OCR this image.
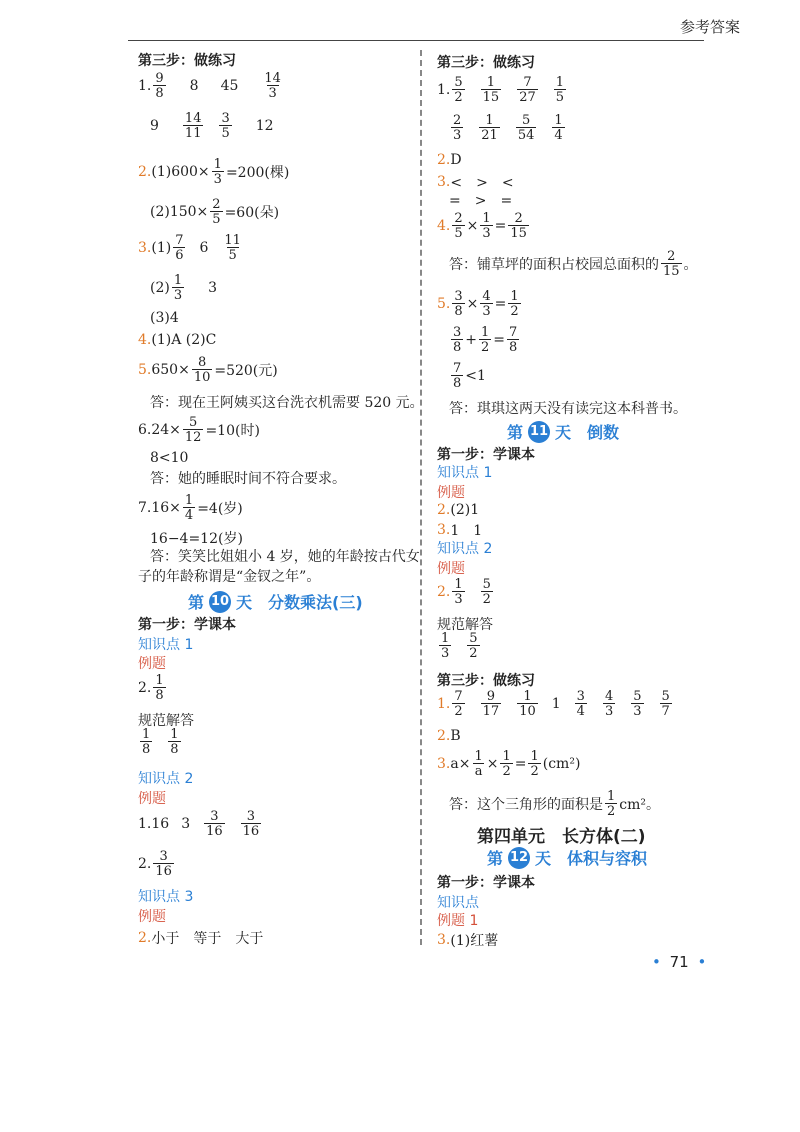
参考答案
第三步：做练习
1. $\frac{9}{8} 8$ $45 \frac{14}{3}$
$9 \frac{14}{11} \frac{3}{5} 12$
2. $(1)600\times \frac{1}{3} =200$(棵)
$(2)150\times \frac{2}{5} =60$(朵)
3. $(1) \frac{7}{6} 6 \frac{11}{5}$
$(2) \frac{1}{3} 3$
(3)4
4. (1)A (2)C
5. $650\times \frac{8}{10} =520$(元)
答：现在王阿姨买这台洗衣机需要 520 元。
6. $24\times \frac{5}{12} =10$(时)
8<10
答：她的睡眠时间不符合要求。
7. $16\times \frac{1}{4} =4$(岁)
16−4=12(岁)
答：笑笑比姐姐小 4 岁，她的年龄按古代女
子的年龄称谓是“金钗之年”。
第 10 天 分数乘法(三)
第一步：学课本
知识点 1
例题
2. $\frac{1}{8}$
规范解答
$\frac{1}{8} \frac{1}{8}$
知识点 2
例题
1. 16 $3 \frac{3}{16} \frac{3}{16}$
2. $\frac{3}{16}$
知识点 3
例题
2. 小于　等于　大于
第三步：做练习
1. $\frac{5}{2} \frac{1}{15} \frac{7}{27} \frac{1}{5}$
$\frac{2}{3} \frac{1}{21} \frac{5}{54} \frac{1}{4}$
2. D
3. <　>　<
=　>　=
4. $\frac{2}{5} \times \frac{1}{3} = \frac{2}{15}$
答：铺草坪的面积占校园总面积的 $\frac{2}{15}$ 。
5. $\frac{3}{8} \times \frac{4}{3} = \frac{1}{2}$
$\frac{3}{8} + \frac{1}{2} = \frac{7}{8}$
$\frac{7}{8} <1$
答：琪琪这两天没有读完这本科普书。
第 11 天 倒数
第一步：学课本
知识点 1
例题
2. (2)1
3. 1　1
知识点 2
例题
2. $\frac{1}{3} \frac{5}{2}$
规范解答
$\frac{1}{3} \frac{5}{2}$
第三步：做练习
1. $\frac{7}{2} \frac{9}{17} \frac{1}{10} 1 \frac{3}{4} \frac{4}{3} \frac{5}{3} \frac{5}{7}$
2. B
3. $a\times \frac{1}{a} \times \frac{1}{2} = \frac{1}{2} (cm^2)$
答：这个三角形的面积是 $\frac{1}{2} cm^2$。
第四单元　长方体(二)
第 12 天 体积与容积
第一步：学课本
知识点
例题 1
3. (1)红薯
• 71 •
